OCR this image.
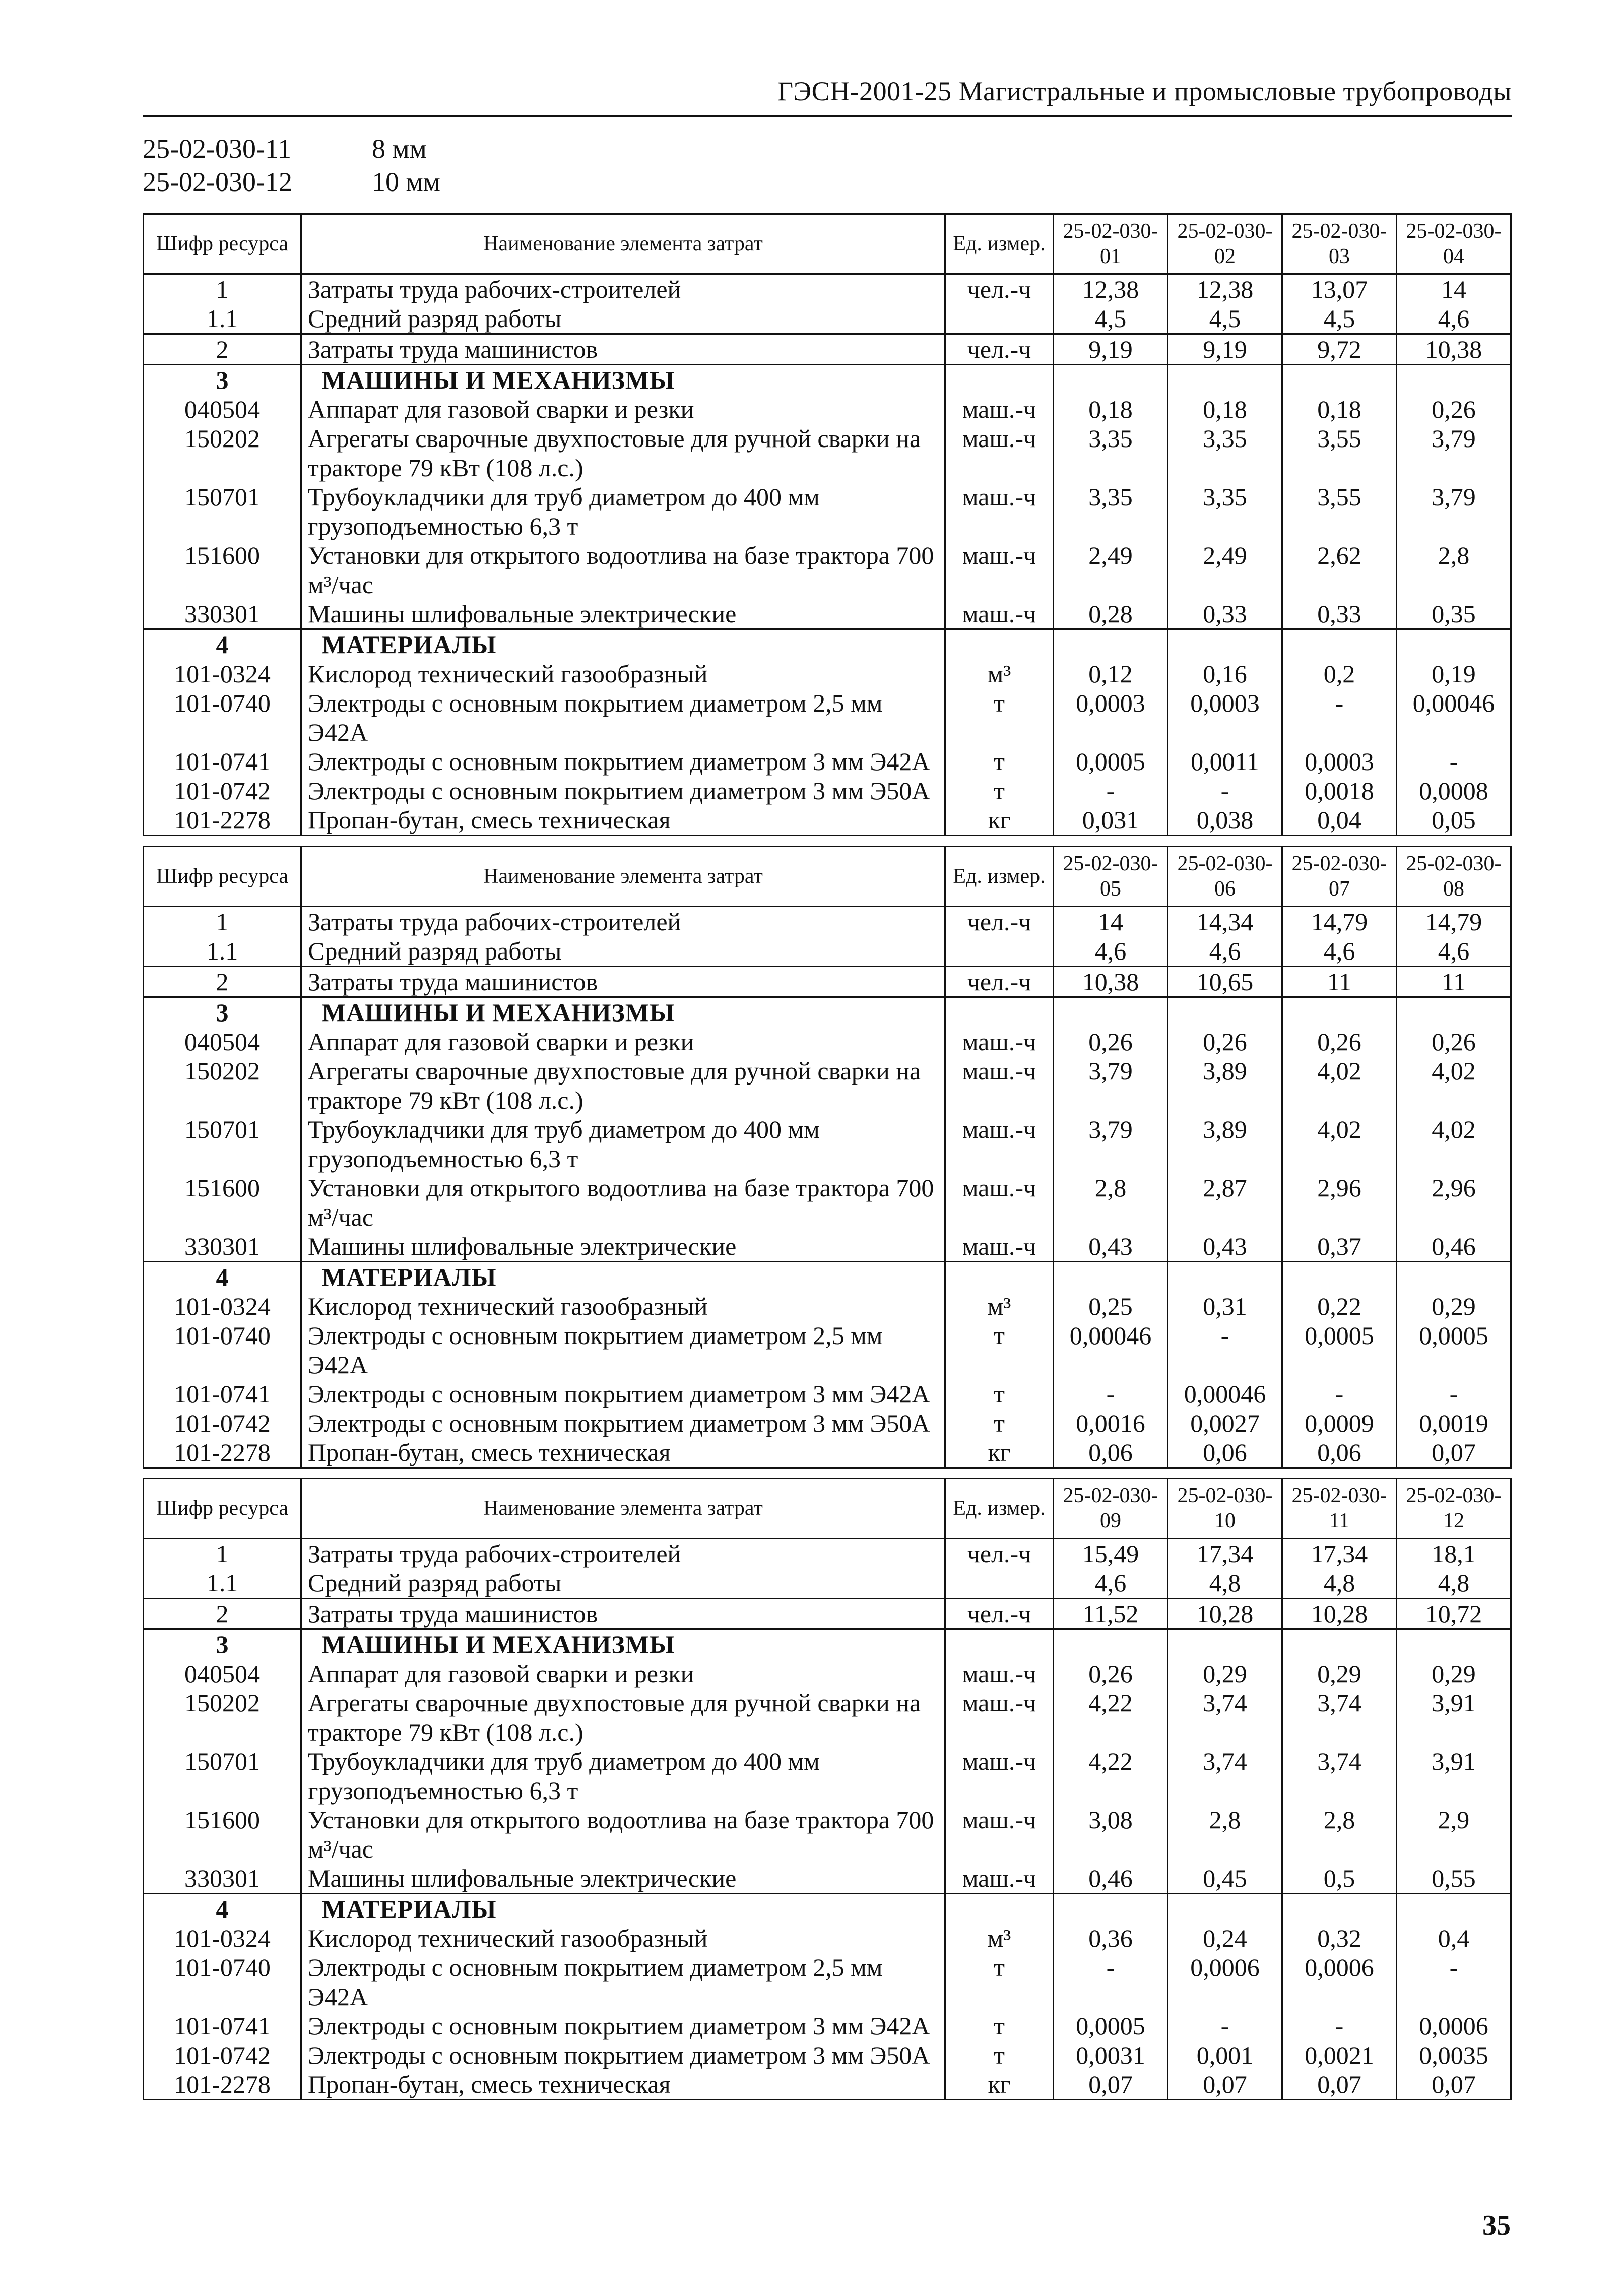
ГЭСН-2001-25 Магистральные и промысловые трубопроводы
25-02-030-11	8 мм
25-02-030-12	10 мм
Шифр ресурса	Наименование элемента затрат	Ед. измер.	25-02-030-01	25-02-030-02	25-02-030-03	25-02-030-04
1	Затраты труда рабочих-строителей	чел.-ч	12,38	12,38	13,07	14
1.1	Средний разряд работы		4,5	4,5	4,5	4,6
2	Затраты труда машинистов	чел.-ч	9,19	9,19	9,72	10,38
3	МАШИНЫ И МЕХАНИЗМЫ					
040504	Аппарат для газовой сварки и резки	маш.-ч	0,18	0,18	0,18	0,26
150202	Агрегаты сварочные двухпостовые для ручной сварки на тракторе 79 кВт (108 л.с.)	маш.-ч	3,35	3,35	3,55	3,79
150701	Трубоукладчики для труб диаметром до 400 мм грузоподъемностью 6,3 т	маш.-ч	3,35	3,35	3,55	3,79
151600	Установки для открытого водоотлива на базе трактора 700 м³/час	маш.-ч	2,49	2,49	2,62	2,8
330301	Машины шлифовальные электрические	маш.-ч	0,28	0,33	0,33	0,35
4	МАТЕРИАЛЫ					
101-0324	Кислород технический газообразный	м³	0,12	0,16	0,2	0,19
101-0740	Электроды с основным покрытием диаметром 2,5 мм Э42А	т	0,0003	0,0003	-	0,00046
101-0741	Электроды с основным покрытием диаметром 3 мм Э42А	т	0,0005	0,0011	0,0003	-
101-0742	Электроды с основным покрытием диаметром 3 мм Э50А	т	-	-	0,0018	0,0008
101-2278	Пропан-бутан, смесь техническая	кг	0,031	0,038	0,04	0,05
Шифр ресурса	Наименование элемента затрат	Ед. измер.	25-02-030-05	25-02-030-06	25-02-030-07	25-02-030-08
1	Затраты труда рабочих-строителей	чел.-ч	14	14,34	14,79	14,79
1.1	Средний разряд работы		4,6	4,6	4,6	4,6
2	Затраты труда машинистов	чел.-ч	10,38	10,65	11	11
3	МАШИНЫ И МЕХАНИЗМЫ					
040504	Аппарат для газовой сварки и резки	маш.-ч	0,26	0,26	0,26	0,26
150202	Агрегаты сварочные двухпостовые для ручной сварки на тракторе 79 кВт (108 л.с.)	маш.-ч	3,79	3,89	4,02	4,02
150701	Трубоукладчики для труб диаметром до 400 мм грузоподъемностью 6,3 т	маш.-ч	3,79	3,89	4,02	4,02
151600	Установки для открытого водоотлива на базе трактора 700 м³/час	маш.-ч	2,8	2,87	2,96	2,96
330301	Машины шлифовальные электрические	маш.-ч	0,43	0,43	0,37	0,46
4	МАТЕРИАЛЫ					
101-0324	Кислород технический газообразный	м³	0,25	0,31	0,22	0,29
101-0740	Электроды с основным покрытием диаметром 2,5 мм Э42А	т	0,00046	-	0,0005	0,0005
101-0741	Электроды с основным покрытием диаметром 3 мм Э42А	т	-	0,00046	-	-
101-0742	Электроды с основным покрытием диаметром 3 мм Э50А	т	0,0016	0,0027	0,0009	0,0019
101-2278	Пропан-бутан, смесь техническая	кг	0,06	0,06	0,06	0,07
Шифр ресурса	Наименование элемента затрат	Ед. измер.	25-02-030-09	25-02-030-10	25-02-030-11	25-02-030-12
1	Затраты труда рабочих-строителей	чел.-ч	15,49	17,34	17,34	18,1
1.1	Средний разряд работы		4,6	4,8	4,8	4,8
2	Затраты труда машинистов	чел.-ч	11,52	10,28	10,28	10,72
3	МАШИНЫ И МЕХАНИЗМЫ					
040504	Аппарат для газовой сварки и резки	маш.-ч	0,26	0,29	0,29	0,29
150202	Агрегаты сварочные двухпостовые для ручной сварки на тракторе 79 кВт (108 л.с.)	маш.-ч	4,22	3,74	3,74	3,91
150701	Трубоукладчики для труб диаметром до 400 мм грузоподъемностью 6,3 т	маш.-ч	4,22	3,74	3,74	3,91
151600	Установки для открытого водоотлива на базе трактора 700 м³/час	маш.-ч	3,08	2,8	2,8	2,9
330301	Машины шлифовальные электрические	маш.-ч	0,46	0,45	0,5	0,55
4	МАТЕРИАЛЫ					
101-0324	Кислород технический газообразный	м³	0,36	0,24	0,32	0,4
101-0740	Электроды с основным покрытием диаметром 2,5 мм Э42А	т	-	0,0006	0,0006	-
101-0741	Электроды с основным покрытием диаметром 3 мм Э42А	т	0,0005	-	-	0,0006
101-0742	Электроды с основным покрытием диаметром 3 мм Э50А	т	0,0031	0,001	0,0021	0,0035
101-2278	Пропан-бутан, смесь техническая	кг	0,07	0,07	0,07	0,07
35
